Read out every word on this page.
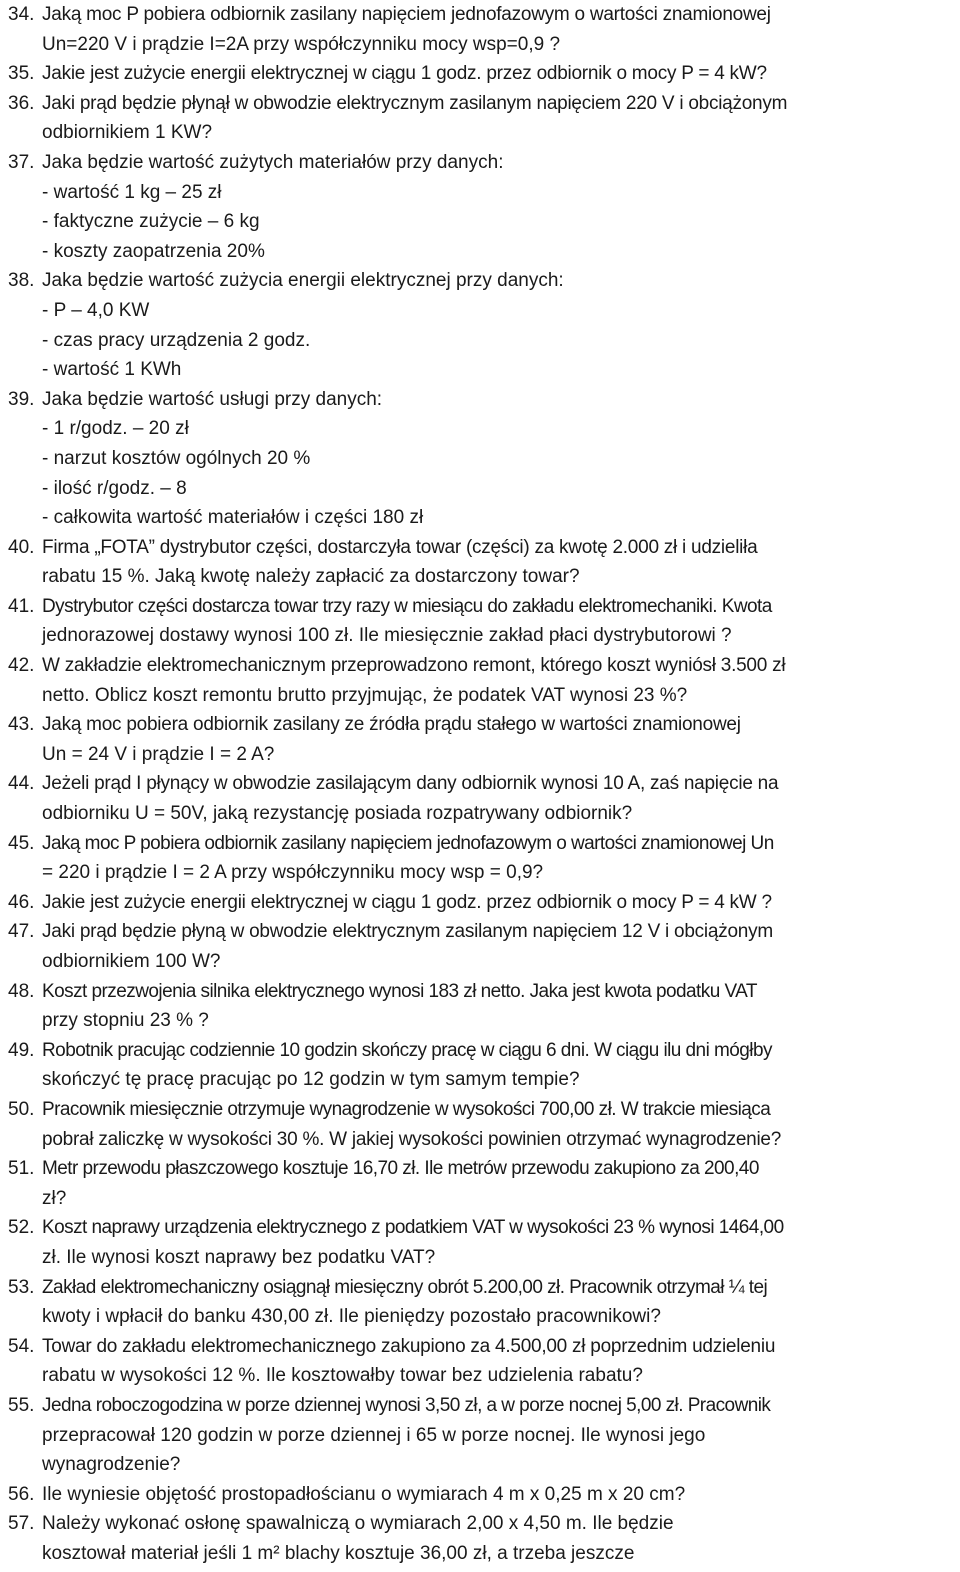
34. Jaką moc P pobiera odbiornik zasilany napięciem jednofazowym o wartości znamionowej
Un=220 V i prądzie I=2A przy współczynniku mocy wsp=0,9 ?
35. Jakie jest zużycie energii elektrycznej w ciągu 1 godz. przez odbiornik o mocy P = 4 kW?
36. Jaki prąd będzie płynął w obwodzie elektrycznym zasilanym napięciem 220 V i obciążonym
odbiornikiem 1 KW?
37. Jaka będzie wartość zużytych materiałów przy danych:
- wartość 1 kg – 25 zł
- faktyczne zużycie – 6 kg
- koszty zaopatrzenia 20%
38. Jaka będzie wartość zużycia energii elektrycznej przy danych:
- P – 4,0 KW
- czas pracy urządzenia 2 godz.
- wartość 1 KWh
39. Jaka będzie wartość usługi przy danych:
- 1 r/godz. – 20 zł
- narzut kosztów ogólnych 20 %
- ilość r/godz. – 8
- całkowita wartość materiałów i części 180 zł
40. Firma „FOTA” dystrybutor części, dostarczyła towar (części) za kwotę 2.000 zł i udzieliła
rabatu 15 %. Jaką kwotę należy zapłacić za dostarczony towar?
41. Dystrybutor części dostarcza towar trzy razy w miesiącu do zakładu elektromechaniki. Kwota
jednorazowej dostawy wynosi 100 zł. Ile miesięcznie zakład płaci dystrybutorowi ?
42. W zakładzie elektromechanicznym przeprowadzono remont, którego koszt wyniósł 3.500 zł
netto. Oblicz koszt remontu brutto przyjmując, że podatek VAT wynosi 23 %?
43. Jaką moc pobiera odbiornik zasilany ze źródła prądu stałego w wartości znamionowej
Un = 24 V i prądzie I = 2 A?
44. Jeżeli prąd I płynący w obwodzie zasilającym dany odbiornik wynosi 10 A, zaś napięcie na
odbiorniku U = 50V, jaką rezystancję posiada rozpatrywany odbiornik?
45. Jaką moc P pobiera odbiornik zasilany napięciem jednofazowym o wartości znamionowej Un
= 220 i prądzie I = 2 A przy współczynniku mocy wsp = 0,9?
46. Jakie jest zużycie energii elektrycznej w ciągu 1 godz. przez odbiornik o mocy P = 4 kW ?
47. Jaki prąd będzie płyną w obwodzie elektrycznym zasilanym napięciem 12 V i obciążonym
odbiornikiem 100 W?
48. Koszt przezwojenia silnika elektrycznego wynosi 183 zł netto. Jaka jest kwota podatku VAT
przy stopniu 23 % ?
49. Robotnik pracując codziennie 10 godzin skończy pracę w ciągu 6 dni. W ciągu ilu dni mógłby
skończyć tę pracę pracując po 12 godzin w tym samym tempie?
50. Pracownik miesięcznie otrzymuje wynagrodzenie w wysokości 700,00 zł. W trakcie miesiąca
pobrał zaliczkę w wysokości 30 %. W jakiej wysokości powinien otrzymać wynagrodzenie?
51. Metr przewodu płaszczowego kosztuje 16,70 zł. Ile metrów przewodu zakupiono za 200,40
zł?
52. Koszt naprawy urządzenia elektrycznego z podatkiem VAT w wysokości 23 % wynosi 1464,00
zł. Ile wynosi koszt naprawy bez podatku VAT?
53. Zakład elektromechaniczny osiągnął miesięczny obrót 5.200,00 zł. Pracownik otrzymał ¼ tej
kwoty i wpłacił do banku 430,00 zł. Ile pieniędzy pozostało pracownikowi?
54. Towar do zakładu elektromechanicznego zakupiono za 4.500,00 zł poprzednim udzieleniu
rabatu w wysokości 12 %. Ile kosztowałby towar bez udzielenia rabatu?
55. Jedna roboczogodzina w porze dziennej wynosi 3,50 zł, a w porze nocnej 5,00 zł. Pracownik
przepracował 120 godzin w porze dziennej i 65 w porze nocnej. Ile wynosi jego
wynagrodzenie?
56. Ile wyniesie objętość prostopadłościanu o wymiarach 4 m x 0,25 m x 20 cm?
57. Należy wykonać osłonę spawalniczą o wymiarach 2,00 x 4,50 m. Ile będzie
kosztował materiał jeśli 1 m² blachy kosztuje 36,00 zł, a trzeba jeszcze
